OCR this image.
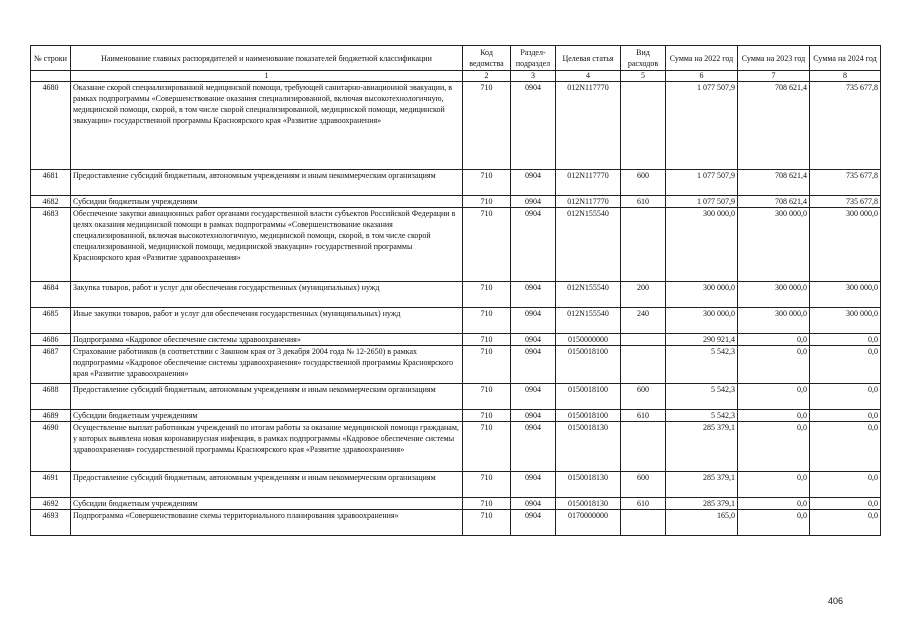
№ строки	Наименование главных распорядителей и наименование показателей бюджетной классификации	Код ведомства	Раздел-подраздел	Целевая статья	Вид расходов	Сумма на 2022 год	Сумма на 2023 год	Сумма на 2024 год
	1	2	3	4	5	6	7	8
4680	Оказание скорой специализированной медицинской помощи, требующей санитарно-авиационной эвакуации, в рамках подпрограммы «Совершенствование оказания специализированной, включая высокотехнологичную, медицинской помощи, скорой, в том числе скорой специализированной, медицинской помощи, медицинской эвакуации» государственной программы Красноярского края «Развитие здравоохранения»	710	0904	012N117770		1 077 507,9	708 621,4	735 677,8
4681	Предоставление субсидий бюджетным, автономным учреждениям и иным некоммерческим организациям	710	0904	012N117770	600	1 077 507,9	708 621,4	735 677,8
4682	Субсидии бюджетным учреждениям	710	0904	012N117770	610	1 077 507,9	708 621,4	735 677,8
4683	Обеспечение закупки авиационных работ органами государственной власти субъектов Российской Федерации в целях оказания медицинской помощи в рамках подпрограммы «Совершенствование оказания специализированной, включая высокотехнологичную, медицинской помощи, скорой, в том числе скорой специализированной, медицинской помощи, медицинской эвакуации» государственной программы Красноярского края «Развитие здравоохранения»	710	0904	012N155540		300 000,0	300 000,0	300 000,0
4684	Закупка товаров, работ и услуг для обеспечения государственных (муниципальных) нужд	710	0904	012N155540	200	300 000,0	300 000,0	300 000,0
4685	Иные закупки товаров, работ и услуг для обеспечения государственных (муниципальных) нужд	710	0904	012N155540	240	300 000,0	300 000,0	300 000,0
4686	Подпрограмма «Кадровое обеспечение системы здравоохранения»	710	0904	0150000000		290 921,4	0,0	0,0
4687	Страхование работников (в соответствии с Законом края от 3 декабря 2004 года № 12-2650) в рамках подпрограммы «Кадровое обеспечение системы здравоохранения» государственной программы Красноярского края «Развитие здравоохранения»	710	0904	0150018100		5 542,3	0,0	0,0
4688	Предоставление субсидий бюджетным, автономным учреждениям и иным некоммерческим организациям	710	0904	0150018100	600	5 542,3	0,0	0,0
4689	Субсидии бюджетным учреждениям	710	0904	0150018100	610	5 542,3	0,0	0,0
4690	Осуществление выплат работникам учреждений по итогам работы за оказание медицинской помощи гражданам, у которых выявлена новая коронавирусная инфекция, в рамках подпрограммы «Кадровое обеспечение системы здравоохранения» государственной программы Красноярского края «Развитие здравоохранения»	710	0904	0150018130		285 379,1	0,0	0,0
4691	Предоставление субсидий бюджетным, автономным учреждениям и иным некоммерческим организациям	710	0904	0150018130	600	285 379,1	0,0	0,0
4692	Субсидии бюджетным учреждениям	710	0904	0150018130	610	285 379,1	0,0	0,0
4693	Подпрограмма «Совершенствование схемы территориального планирования здравоохранения»	710	0904	0170000000		165,0	0,0	0,0
406
